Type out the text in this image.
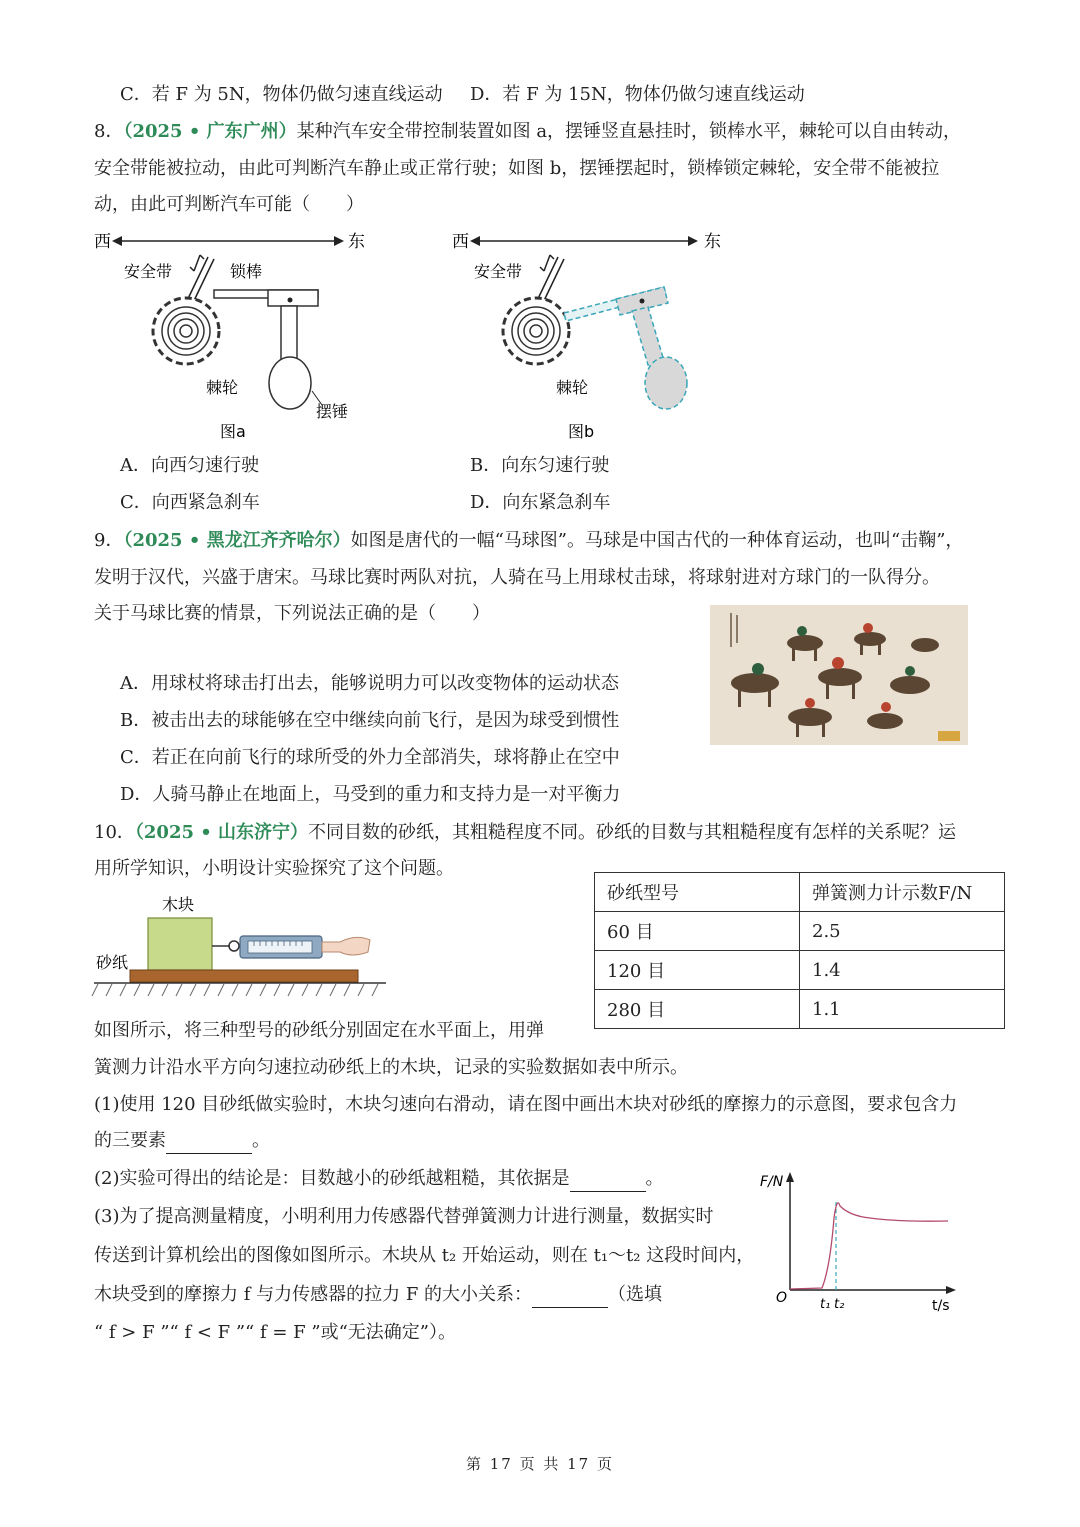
C．若 F 为 5N，物体仍做匀速直线运动 D．若 F 为 15N，物体仍做匀速直线运动
8．（2025 • 广东广州）某种汽车安全带控制装置如图 a，摆锤竖直悬挂时，锁棒水平，棘轮可以自由转动，
安全带能被拉动，由此可判断汽车静止或正常行驶；如图 b，摆锤摆起时，锁棒锁定棘轮，安全带不能被拉
动，由此可判断汽车可能（　　）
西	东
安全带	锁棒
棘轮
摆锤
图a
西	东
安全带
棘轮
图b
A．向西匀速行驶	B．向东匀速行驶
C．向西紧急刹车	D．向东紧急刹车
9．（2025 • 黑龙江齐齐哈尔）如图是唐代的一幅“马球图”。马球是中国古代的一种体育运动，也叫“击鞠”，
发明于汉代，兴盛于唐宋。马球比赛时两队对抗，人骑在马上用球杖击球，将球射进对方球门的一队得分。
关于马球比赛的情景，下列说法正确的是（　　）
A．用球杖将球击打出去，能够说明力可以改变物体的运动状态
B．被击出去的球能够在空中继续向前飞行，是因为球受到惯性
C．若正在向前飞行的球所受的外力全部消失，球将静止在空中
D．人骑马静止在地面上，马受到的重力和支持力是一对平衡力
10．（2025 • 山东济宁）不同目数的砂纸，其粗糙程度不同。砂纸的目数与其粗糙程度有怎样的关系呢？运
用所学知识，小明设计实验探究了这个问题。
木块
砂纸
砂纸型号	弹簧测力计示数F/N
60 目	2.5
120 目	1.4
280 目	1.1
如图所示，将三种型号的砂纸分别固定在水平面上，用弹
簧测力计沿水平方向匀速拉动砂纸上的木块，记录的实验数据如表中所示。
(1)使用 120 目砂纸做实验时，木块匀速向右滑动，请在图中画出木块对砂纸的摩擦力的示意图，要求包含力
的三要素	。
(2)实验可得出的结论是：目数越小的砂纸越粗糙，其依据是	。
(3)为了提高测量精度，小明利用力传感器代替弹簧测力计进行测量，数据实时
传送到计算机绘出的图像如图所示。木块从 t₂ 开始运动，则在 t₁～t₂ 这段时间内，
木块受到的摩擦力 f 与力传感器的拉力 F 的大小关系：	（选填
“ f > F ”“ f < F ”“ f = F ”或“无法确定”）。
F/N
O	t/s
t₁ t₂
第 17 页 共 17 页
